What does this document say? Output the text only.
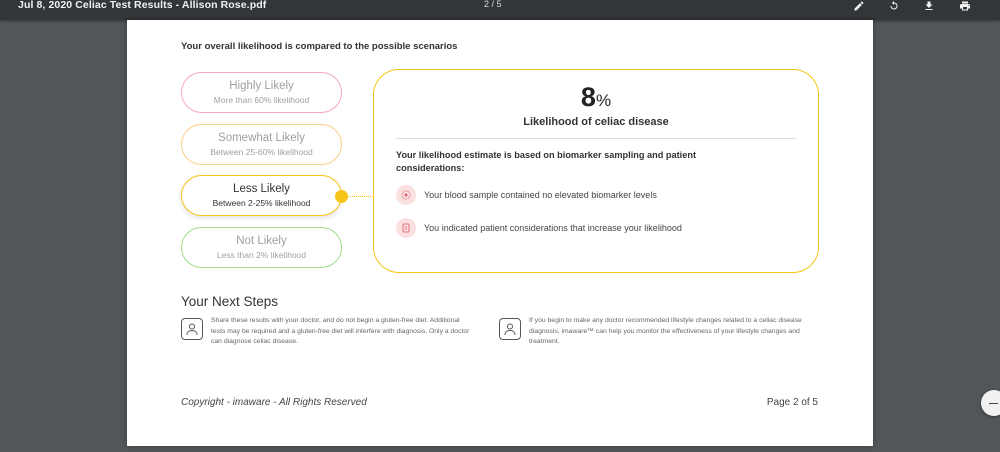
Jul 8, 2020 Celiac Test Results - Allison Rose.pdf	2 / 5
Your overall likelihood is compared to the possible scenarios
Highly Likely
More than 60% likelihood
Somewhat Likely
Between 25-60% likelihood
Less Likely
Between 2-25% likelihood
Not Likely
Less than 2% likelihood
8%
Likelihood of celiac disease
Your likelihood estimate is based on biomarker sampling and patient considerations:
Your blood sample contained no elevated biomarker levels
You indicated patient considerations that increase your likelihood
Your Next Steps
Share these results with your doctor, and do not begin a gluten-free diet. Additional tests may be required and a gluten-free diet will interfere with diagnosis. Only a doctor can diagnose celiac disease.
If you begin to make any doctor recommended lifestyle changes related to a celiac disease diagnosis, imaware™ can help you monitor the effectiveness of your lifestyle changes and treatment.
Copyright - imaware - All Rights Reserved	Page 2 of 5
